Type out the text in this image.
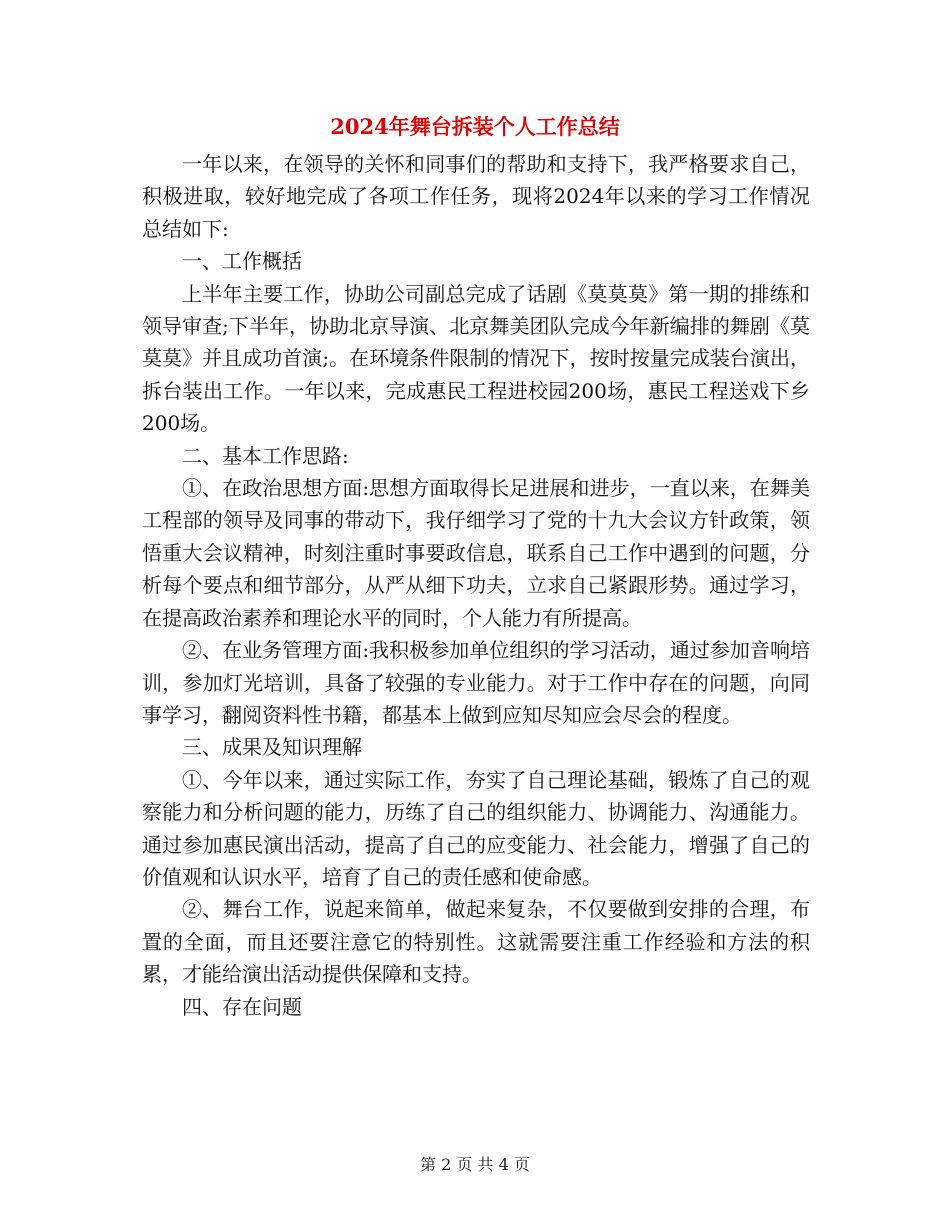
2024年舞台拆装个人工作总结

一年以来，在领导的关怀和同事们的帮助和支持下，我严格要求自己，积极进取，较好地完成了各项工作任务，现将2024年以来的学习工作情况总结如下:

一、工作概括

上半年主要工作，协助公司副总完成了话剧《莫莫莫》第一期的排练和领导审查;下半年，协助北京导演、北京舞美团队完成今年新编排的舞剧《莫莫莫》并且成功首演;。在环境条件限制的情况下，按时按量完成装台演出，拆台装出工作。一年以来，完成惠民工程进校园200场，惠民工程送戏下乡200场。

二、基本工作思路:

①、在政治思想方面:思想方面取得长足进展和进步，一直以来，在舞美工程部的领导及同事的带动下，我仔细学习了党的十九大会议方针政策，领悟重大会议精神，时刻注重时事要政信息，联系自己工作中遇到的问题，分析每个要点和细节部分，从严从细下功夫，立求自己紧跟形势。通过学习，在提高政治素养和理论水平的同时，个人能力有所提高。

②、在业务管理方面:我积极参加单位组织的学习活动，通过参加音响培训，参加灯光培训，具备了较强的专业能力。对于工作中存在的问题，向同事学习，翻阅资料性书籍，都基本上做到应知尽知应会尽会的程度。

三、成果及知识理解

①、今年以来，通过实际工作，夯实了自己理论基础，锻炼了自己的观察能力和分析问题的能力，历练了自己的组织能力、协调能力、沟通能力。通过参加惠民演出活动，提高了自己的应变能力、社会能力，增强了自己的价值观和认识水平，培育了自己的责任感和使命感。

②、舞台工作，说起来简单，做起来复杂，不仅要做到安排的合理，布置的全面，而且还要注意它的特别性。这就需要注重工作经验和方法的积累，才能给演出活动提供保障和支持。

四、存在问题

第 2 页 共 4 页
